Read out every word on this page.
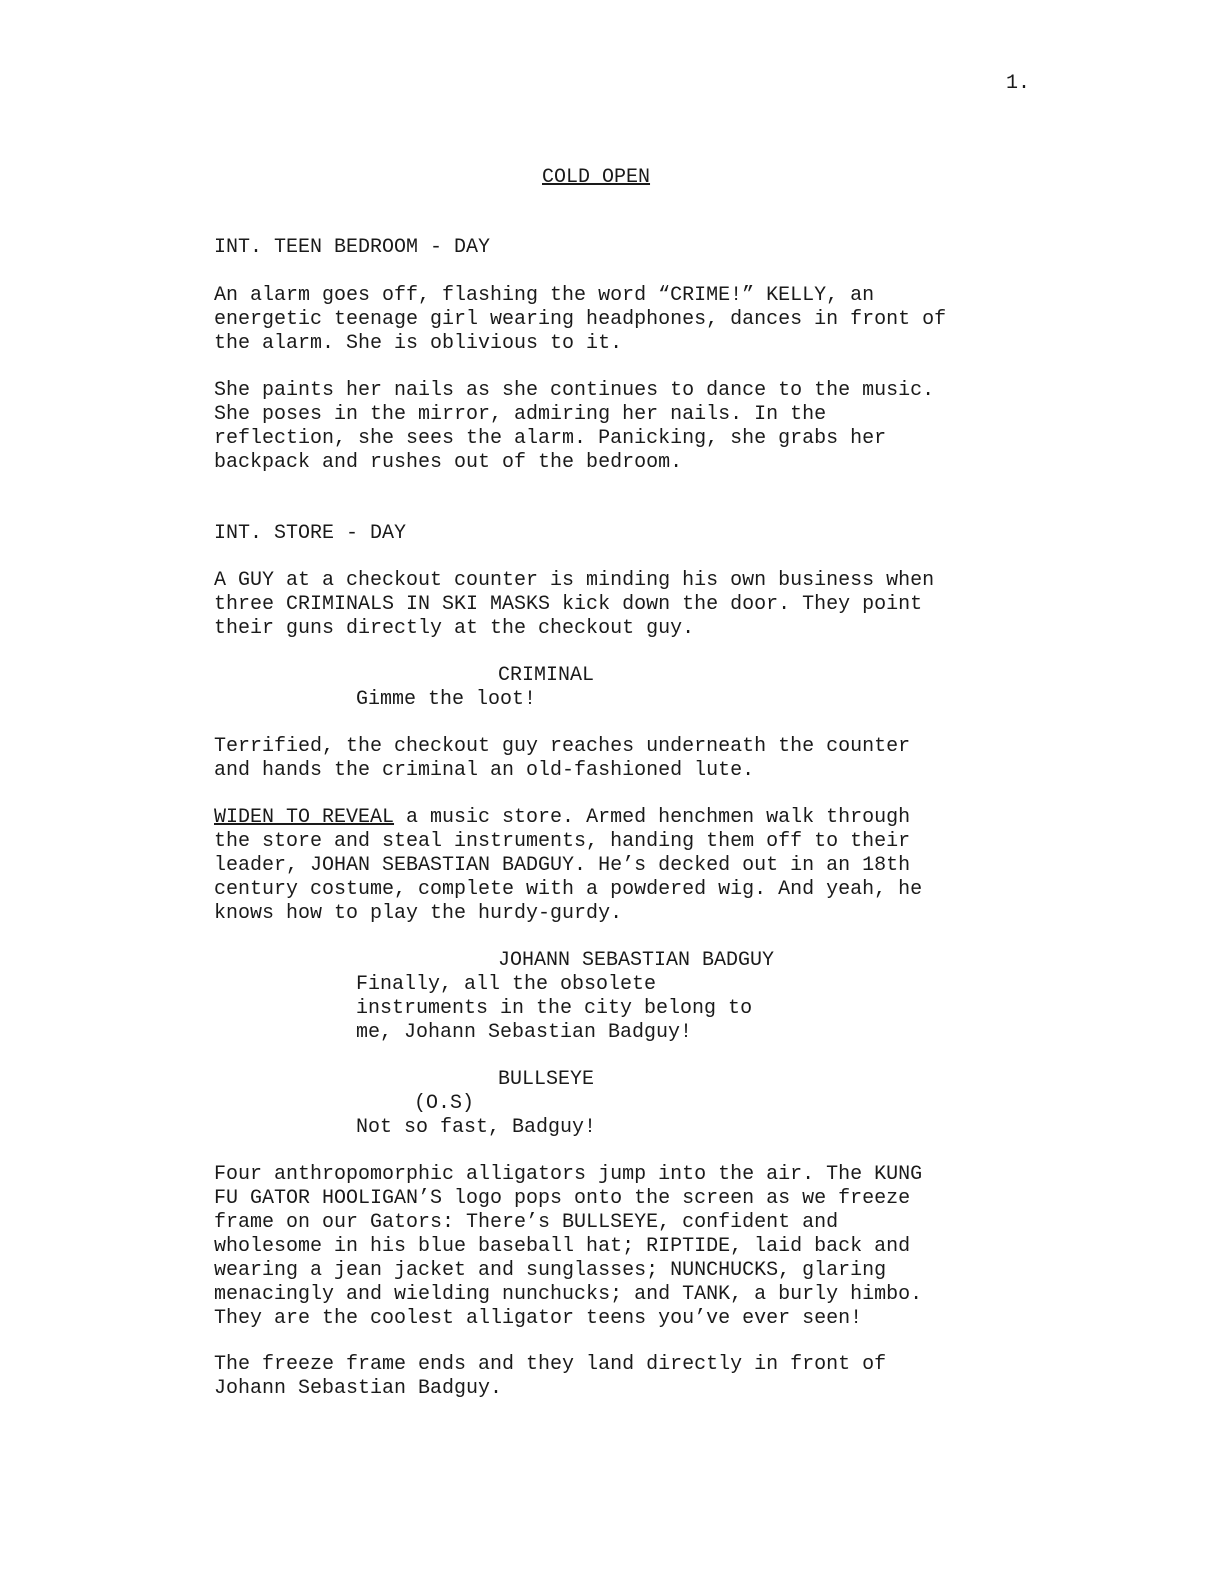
1.

COLD OPEN

INT. TEEN BEDROOM - DAY

An alarm goes off, flashing the word “CRIME!” KELLY, an
energetic teenage girl wearing headphones, dances in front of
the alarm. She is oblivious to it.

She paints her nails as she continues to dance to the music.
She poses in the mirror, admiring her nails. In the
reflection, she sees the alarm. Panicking, she grabs her
backpack and rushes out of the bedroom.

INT. STORE - DAY

A GUY at a checkout counter is minding his own business when
three CRIMINALS IN SKI MASKS kick down the door. They point
their guns directly at the checkout guy.

CRIMINAL

Gimme the loot!

Terrified, the checkout guy reaches underneath the counter
and hands the criminal an old-fashioned lute.

WIDEN TO REVEAL a music store. Armed henchmen walk through
the store and steal instruments, handing them off to their
leader, JOHAN SEBASTIAN BADGUY. He’s decked out in an 18th
century costume, complete with a powdered wig. And yeah, he
knows how to play the hurdy-gurdy.

JOHANN SEBASTIAN BADGUY

Finally, all the obsolete
instruments in the city belong to
me, Johann Sebastian Badguy!

BULLSEYE

(O.S)

Not so fast, Badguy!

Four anthropomorphic alligators jump into the air. The KUNG
FU GATOR HOOLIGAN’S logo pops onto the screen as we freeze
frame on our Gators: There’s BULLSEYE, confident and
wholesome in his blue baseball hat; RIPTIDE, laid back and
wearing a jean jacket and sunglasses; NUNCHUCKS, glaring
menacingly and wielding nunchucks; and TANK, a burly himbo.
They are the coolest alligator teens you’ve ever seen!

The freeze frame ends and they land directly in front of
Johann Sebastian Badguy.
